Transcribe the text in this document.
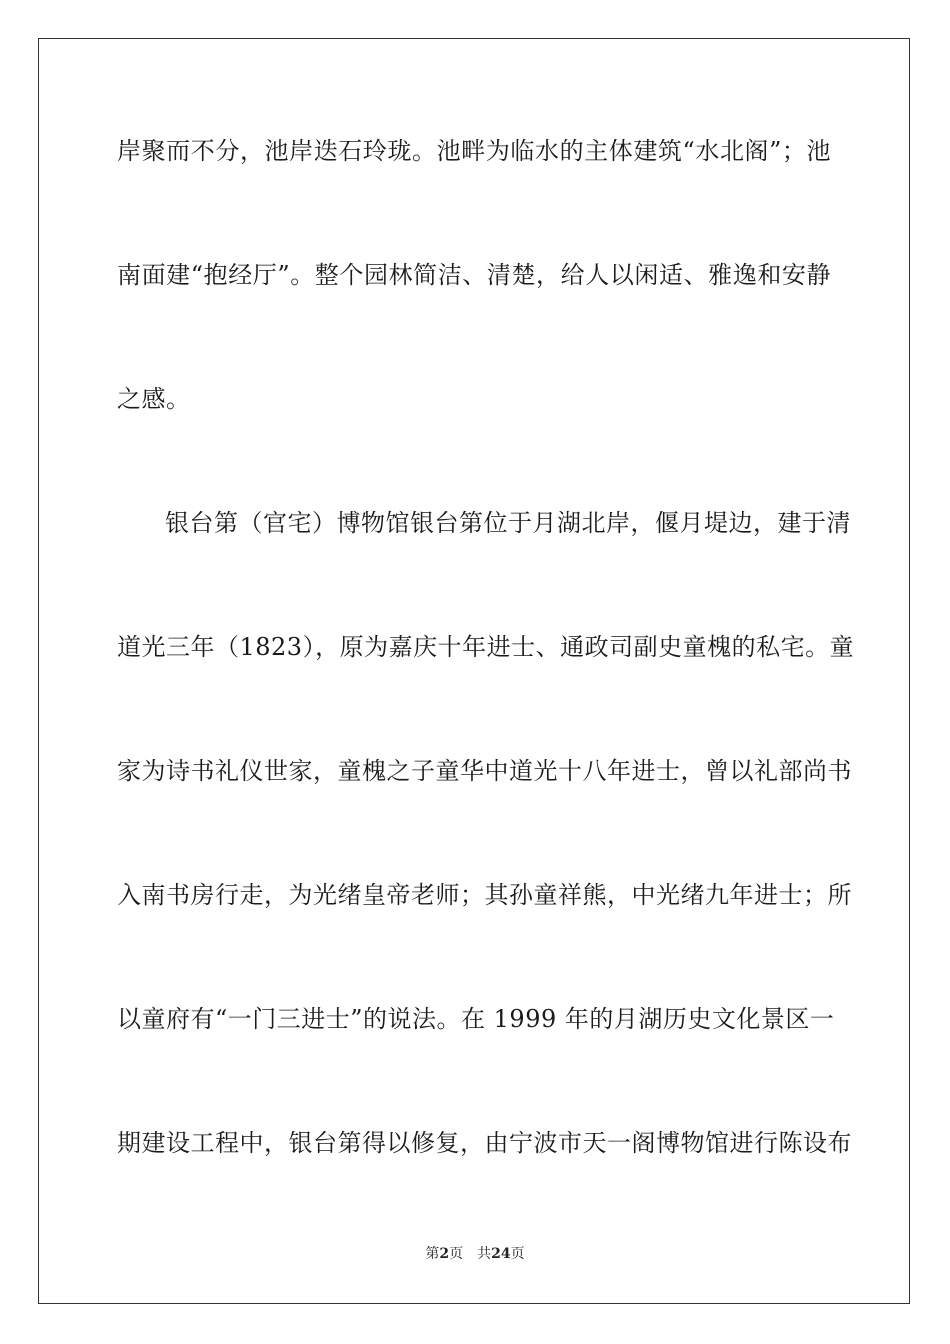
岸聚而不分，池岸迭石玲珑。池畔为临水的主体建筑“水北阁”；池
南面建“抱经厅”。整个园林简洁、清楚，给人以闲适、雅逸和安静
之感。
银台第（官宅）博物馆银台第位于月湖北岸，偃月堤边，建于清
道光三年（1823），原为嘉庆十年进士、通政司副史童槐的私宅。童
家为诗书礼仪世家，童槐之子童华中道光十八年进士，曾以礼部尚书
入南书房行走，为光绪皇帝老师；其孙童祥熊，中光绪九年进士；所
以童府有“一门三进士”的说法。在 1999 年的月湖历史文化景区一
期建设工程中，银台第得以修复，由宁波市天一阁博物馆进行陈设布
第2页 共24页
